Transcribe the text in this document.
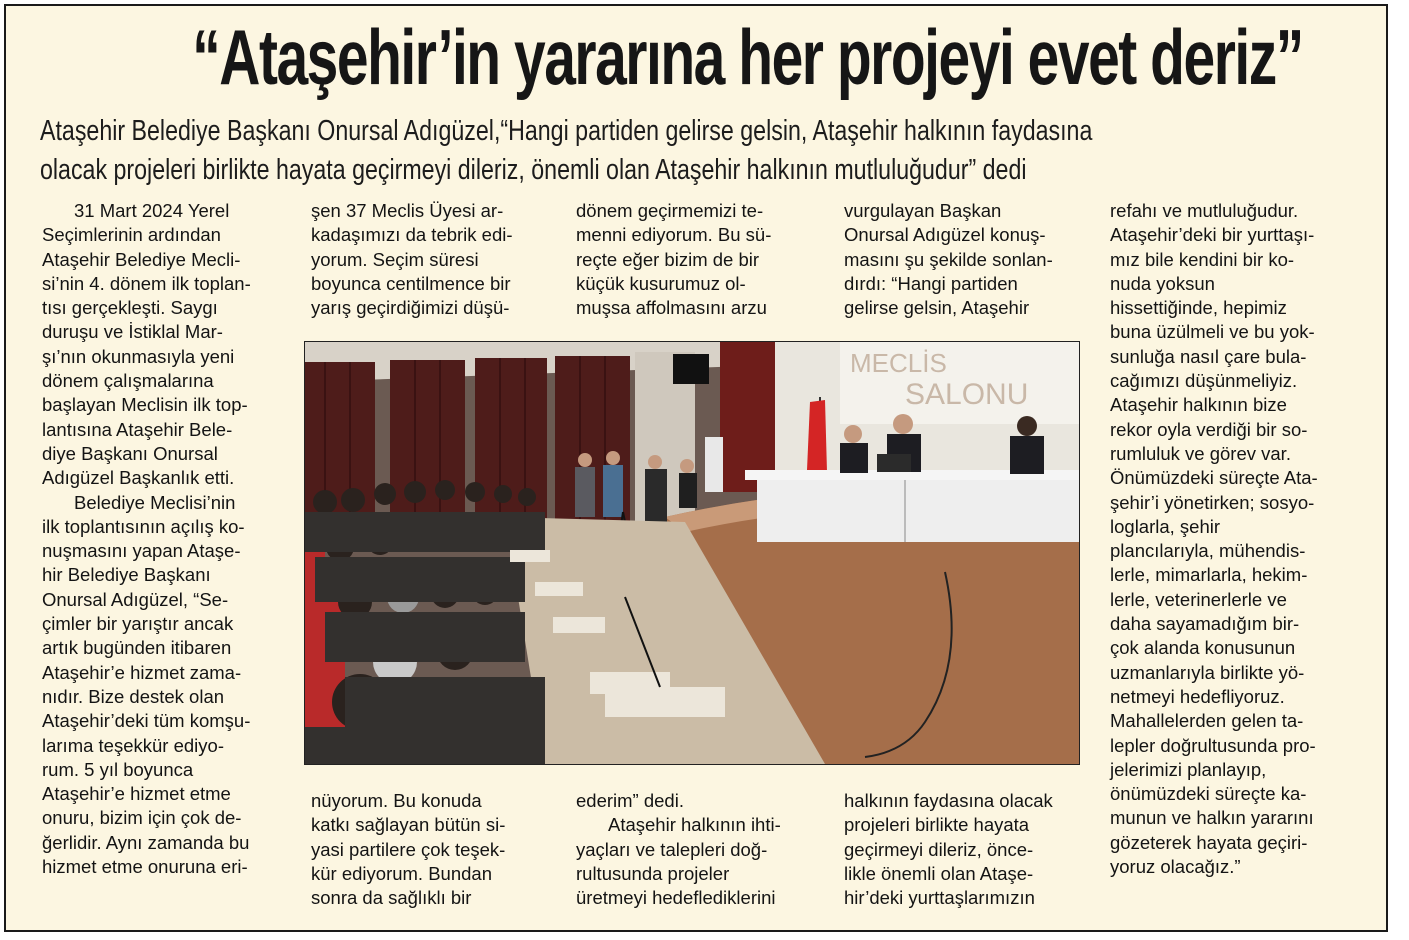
“Ataşehir’in yararına her projeyi evet deriz”
Ataşehir Belediye Başkanı Onursal Adıgüzel,“Hangi partiden gelirse gelsin, Ataşehir halkının faydasına
olacak projeleri birlikte hayata geçirmeyi dileriz, önemli olan Ataşehir halkının mutluluğudur” dedi
31 Mart 2024 Yerel
Seçimlerinin ardından
Ataşehir Belediye Mecli-
si’nin 4. dönem ilk toplan-
tısı gerçekleşti. Saygı
duruşu ve İstiklal Mar-
şı’nın okunmasıyla yeni
dönem çalışmalarına
başlayan Meclisin ilk top-
lantısına Ataşehir Bele-
diye Başkanı Onursal
Adıgüzel Başkanlık etti.
Belediye Meclisi’nin
ilk toplantısının açılış ko-
nuşmasını yapan Ataşe-
hir Belediye Başkanı
Onursal Adıgüzel, “Se-
çimler bir yarıştır ancak
artık bugünden itibaren
Ataşehir’e hizmet zama-
nıdır. Bize destek olan
Ataşehir’deki tüm komşu-
larıma teşekkür ediyo-
rum. 5 yıl boyunca
Ataşehir’e hizmet etme
onuru, bizim için çok de-
ğerlidir. Aynı zamanda bu
hizmet etme onuruna eri-
şen 37 Meclis Üyesi ar-
kadaşımızı da tebrik edi-
yorum. Seçim süresi
boyunca centilmence bir
yarış geçirdiğimizi düşü-
nüyorum. Bu konuda
katkı sağlayan bütün si-
yasi partilere çok teşek-
kür ediyorum. Bundan
sonra da sağlıklı bir
dönem geçirmemizi te-
menni ediyorum. Bu sü-
reçte eğer bizim de bir
küçük kusurumuz ol-
muşsa affolmasını arzu
ederim” dedi.
Ataşehir halkının ihti-
yaçları ve talepleri doğ-
rultusunda projeler
üretmeyi hedeflediklerini
vurgulayan Başkan
Onursal Adıgüzel konuş-
masını şu şekilde sonlan-
dırdı: “Hangi partiden
gelirse gelsin, Ataşehir
halkının faydasına olacak
projeleri birlikte hayata
geçirmeyi dileriz, önce-
likle önemli olan Ataşe-
hir’deki yurttaşlarımızın
refahı ve mutluluğudur.
Ataşehir’deki bir yurttaşı-
mız bile kendini bir ko-
nuda yoksun
hissettiğinde, hepimiz
buna üzülmeli ve bu yok-
sunluğa nasıl çare bula-
cağımızı düşünmeliyiz.
Ataşehir halkının bize
rekor oyla verdiği bir so-
rumluluk ve görev var.
Önümüzdeki süreçte Ata-
şehir’i yönetirken; sosyo-
loglarla, şehir
plancılarıyla, mühendis-
lerle, mimarlarla, hekim-
lerle, veterinerlerle ve
daha sayamadığım bir-
çok alanda konusunun
uzmanlarıyla birlikte yö-
netmeyi hedefliyoruz.
Mahallelerden gelen ta-
lepler doğrultusunda pro-
jelerimizi planlayıp,
önümüzdeki süreçte ka-
munun ve halkın yararını
gözeterek hayata geçiri-
yoruz olacağız.”
MECLİS
SALONU
